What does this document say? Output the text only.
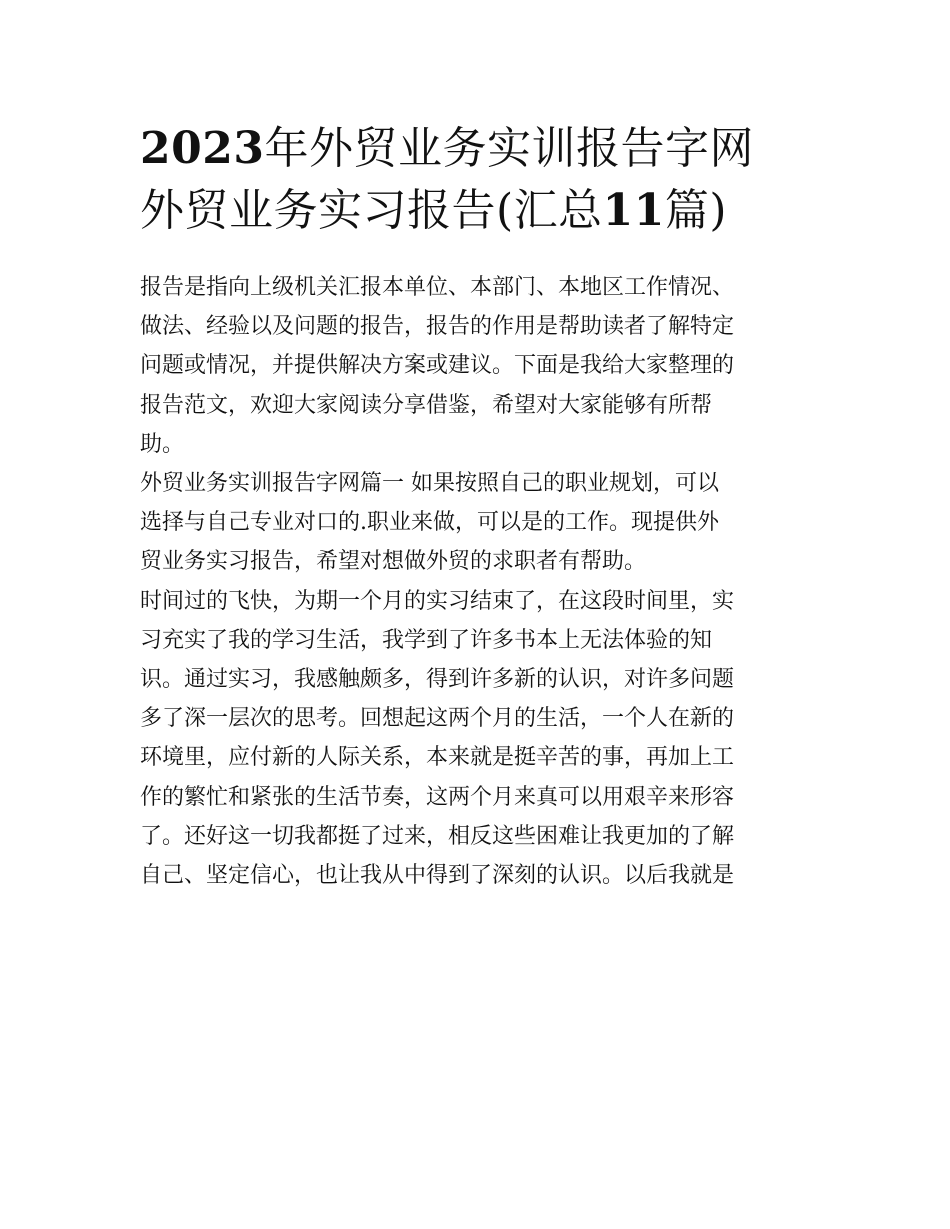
2023年外贸业务实训报告字网
外贸业务实习报告(汇总11篇)

报告是指向上级机关汇报本单位、本部门、本地区工作情况、
做法、经验以及问题的报告，报告的作用是帮助读者了解特定
问题或情况，并提供解决方案或建议。下面是我给大家整理的
报告范文，欢迎大家阅读分享借鉴，希望对大家能够有所帮
助。

外贸业务实训报告字网篇一 如果按照自己的职业规划，可以
选择与自己专业对口的.职业来做，可以是的工作。现提供外
贸业务实习报告，希望对想做外贸的求职者有帮助。

时间过的飞快，为期一个月的实习结束了，在这段时间里，实
习充实了我的学习生活，我学到了许多书本上无法体验的知
识。通过实习，我感触颇多，得到许多新的认识，对许多问题
多了深一层次的思考。回想起这两个月的生活，一个人在新的
环境里，应付新的人际关系，本来就是挺辛苦的事，再加上工
作的繁忙和紧张的生活节奏，这两个月来真可以用艰辛来形容
了。还好这一切我都挺了过来，相反这些困难让我更加的了解
自己、坚定信心，也让我从中得到了深刻的认识。以后我就是
